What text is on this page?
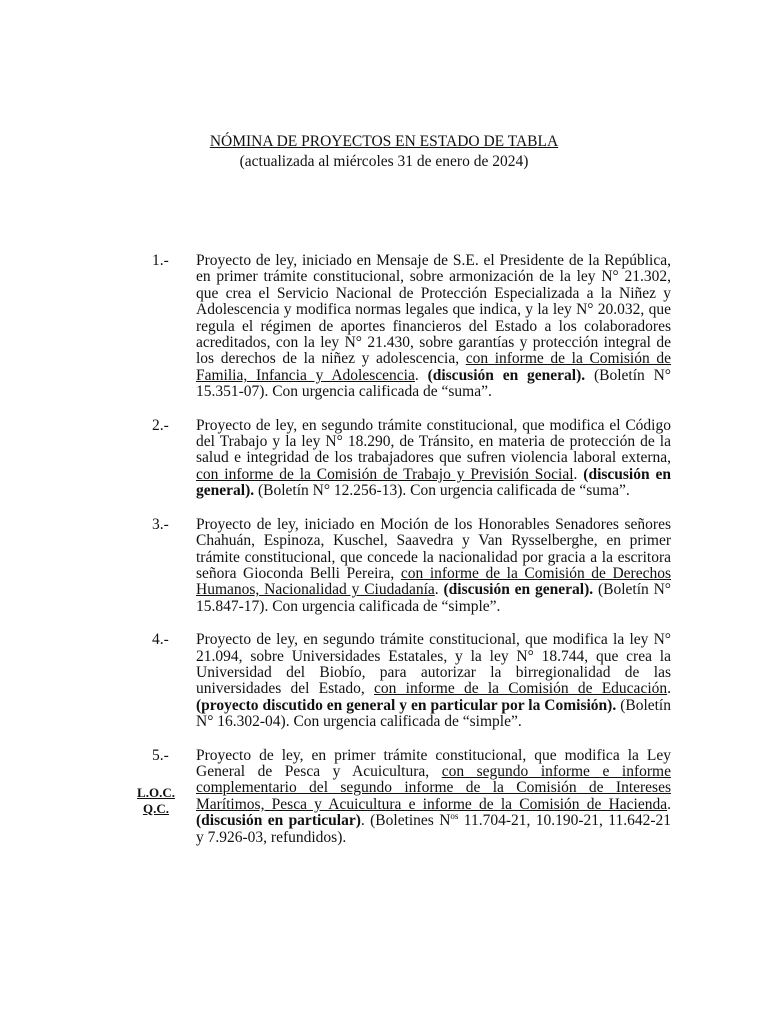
NÓMINA DE PROYECTOS EN ESTADO DE TABLA
(actualizada al miércoles 31 de enero de 2024)
1.- Proyecto de ley, iniciado en Mensaje de S.E. el Presidente de la República, en primer trámite constitucional, sobre armonización de la ley N° 21.302, que crea el Servicio Nacional de Protección Especializada a la Niñez y Adolescencia y modifica normas legales que indica, y la ley N° 20.032, que regula el régimen de aportes financieros del Estado a los colaboradores acreditados, con la ley N° 21.430, sobre garantías y protección integral de los derechos de la niñez y adolescencia, con informe de la Comisión de Familia, Infancia y Adolescencia. (discusión en general). (Boletín N° 15.351-07). Con urgencia calificada de “suma”.
2.- Proyecto de ley, en segundo trámite constitucional, que modifica el Código del Trabajo y la ley N° 18.290, de Tránsito, en materia de protección de la salud e integridad de los trabajadores que sufren violencia laboral externa, con informe de la Comisión de Trabajo y Previsión Social. (discusión en general). (Boletín N° 12.256-13). Con urgencia calificada de “suma”.
3.- Proyecto de ley, iniciado en Moción de los Honorables Senadores señores Chahuán, Espinoza, Kuschel, Saavedra y Van Rysselberghe, en primer trámite constitucional, que concede la nacionalidad por gracia a la escritora señora Gioconda Belli Pereira, con informe de la Comisión de Derechos Humanos, Nacionalidad y Ciudadanía. (discusión en general). (Boletín N° 15.847-17). Con urgencia calificada de “simple”.
4.- Proyecto de ley, en segundo trámite constitucional, que modifica la ley N° 21.094, sobre Universidades Estatales, y la ley N° 18.744, que crea la Universidad del Biobío, para autorizar la birregionalidad de las universidades del Estado, con informe de la Comisión de Educación. (proyecto discutido en general y en particular por la Comisión). (Boletín N° 16.302-04). Con urgencia calificada de “simple”.
5.-
L.O.C.
Q.C.
Proyecto de ley, en primer trámite constitucional, que modifica la Ley General de Pesca y Acuicultura, con segundo informe e informe complementario del segundo informe de la Comisión de Intereses Marítimos, Pesca y Acuicultura e informe de la Comisión de Hacienda. (discusión en particular). (Boletines $N^{os}$ 11.704-21, 10.190-21, 11.642-21 y 7.926-03, refundidos).
